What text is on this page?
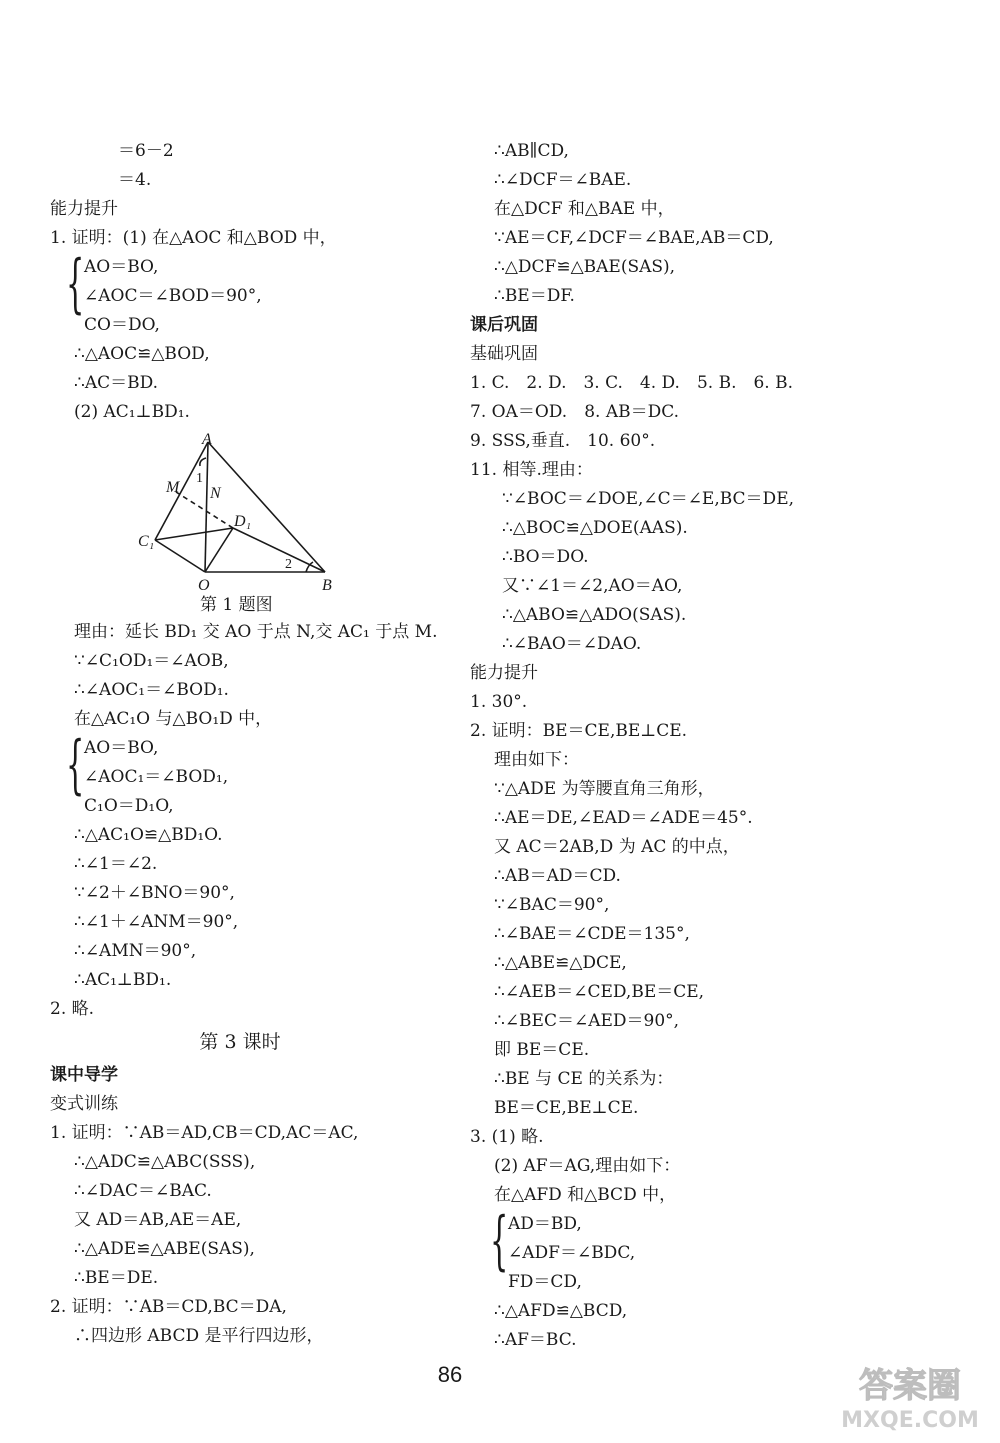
＝6－2
＝4.
能力提升
1. 证明：(1) 在△AOC 和△BOD 中，
{ AO＝BO,
∠AOC＝∠BOD＝90°,
CO＝DO,
∴△AOC≌△BOD,
∴AC＝BD.
(2) AC₁⊥BD₁.
A
M N
1
C₁
D₁
2
O	B
第 1 题图
理由：延长 BD₁ 交 AO 于点 N,交 AC₁ 于点 M.
∵∠C₁OD₁＝∠AOB,
∴∠AOC₁＝∠BOD₁.
在△AC₁O 与△BO₁D 中，
{ AO＝BO,
∠AOC₁＝∠BOD₁,
C₁O＝D₁O,
∴△AC₁O≌△BD₁O.
∴∠1＝∠2.
∵∠2＋∠BNO＝90°,
∴∠1＋∠ANM＝90°,
∴∠AMN＝90°,
∴AC₁⊥BD₁.
2. 略.
第 3 课时
课中导学
变式训练
1. 证明：∵AB＝AD,CB＝CD,AC＝AC,
∴△ADC≌△ABC(SSS),
∴∠DAC＝∠BAC.
又 AD＝AB,AE＝AE,
∴△ADE≌△ABE(SAS),
∴BE＝DE.
2. 证明：∵AB＝CD,BC＝DA,
∴四边形 ABCD 是平行四边形，
∴AB∥CD,
∴∠DCF＝∠BAE.
在△DCF 和△BAE 中，
∵AE＝CF,∠DCF＝∠BAE,AB＝CD,
∴△DCF≌△BAE(SAS),
∴BE＝DF.
课后巩固
基础巩固
1. C.　2. D.　3. C.　4. D.　5. B.　6. B.
7. OA＝OD.　8. AB＝DC.
9. SSS,垂直.　10. 60°.
11. 相等.理由：
∵∠BOC＝∠DOE,∠C＝∠E,BC＝DE,
∴△BOC≌△DOE(AAS).
∴BO＝DO.
又∵∠1＝∠2,AO＝AO,
∴△ABO≌△ADO(SAS).
∴∠BAO＝∠DAO.
能力提升
1. 30°.
2. 证明：BE＝CE,BE⊥CE.
理由如下：
∵△ADE 为等腰直角三角形，
∴AE＝DE,∠EAD＝∠ADE＝45°.
又 AC＝2AB,D 为 AC 的中点，
∴AB＝AD＝CD.
∵∠BAC＝90°,
∴∠BAE＝∠CDE＝135°,
∴△ABE≌△DCE,
∴∠AEB＝∠CED,BE＝CE,
∴∠BEC＝∠AED＝90°,
即 BE＝CE.
∴BE 与 CE 的关系为：
BE＝CE,BE⊥CE.
3. (1) 略.
(2) AF＝AG,理由如下：
在△AFD 和△BCD 中，
{ AD＝BD,
∠ADF＝∠BDC,
FD＝CD,
∴△AFD≌△BCD,
∴AF＝BC.
86	答案圈
MXQE.COM
